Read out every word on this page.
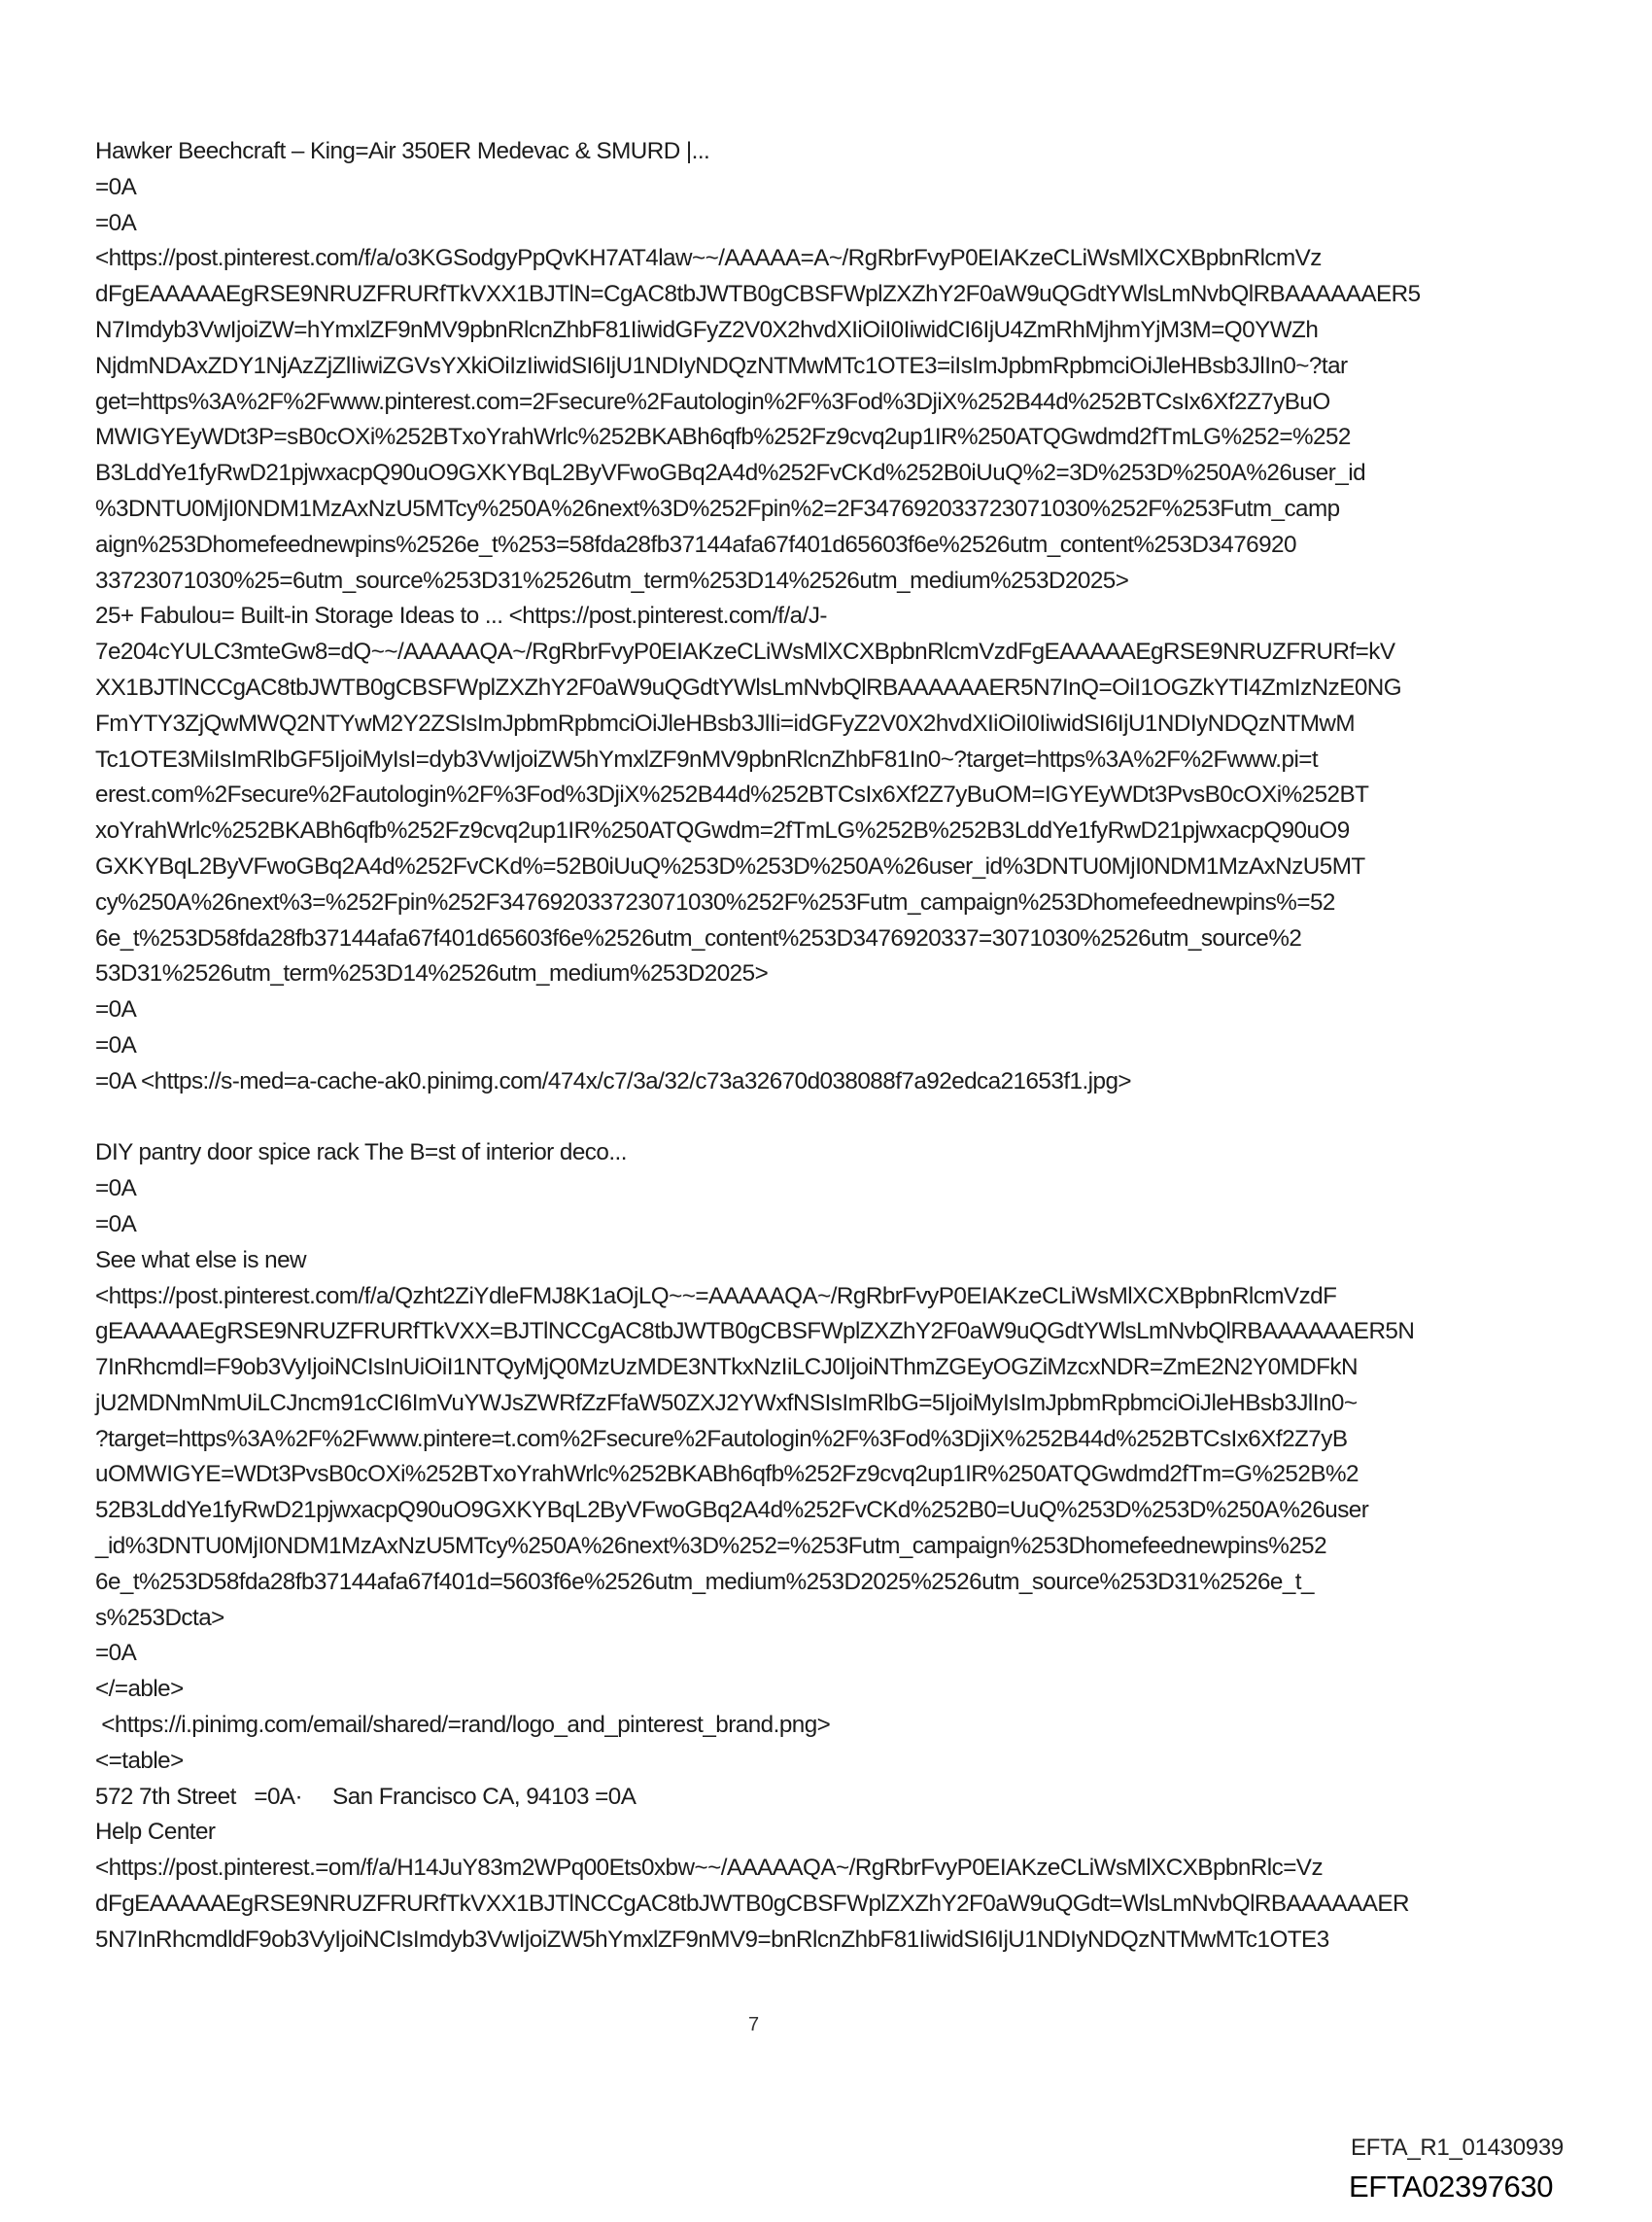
Hawker Beechcraft – King=Air 350ER Medevac & SMURD |...
=0A
=0A
<https://post.pinterest.com/f/a/o3KGSodgyPpQvKH7AT4law~~/AAAAA=A~/RgRbrFvyP0EIAKzeCLiWsMlXCXBpbnRlcmVz
dFgEAAAAAEgRSE9NRUZFRURfTkVXX1BJTlN=CgAC8tbJWTB0gCBSFWplZXZhY2F0aW9uQGdtYWlsLmNvbQlRBAAAAAAER5
N7Imdyb3VwIjoiZW=hYmxlZF9nMV9pbnRlcnZhbF81IiwidGFyZ2V0X2hvdXIiOiI0IiwidCI6IjU4ZmRhMjhmYjM3M=Q0YWZh
NjdmNDAxZDY1NjAzZjZlIiwiZGVsYXkiOiIzIiwidSI6IjU1NDIyNDQzNTMwMTc1OTE3=iIsImJpbmRpbmciOiJleHBsb3JlIn0~?tar
get=https%3A%2F%2Fwww.pinterest.com=2Fsecure%2Fautologin%2F%3Fod%3DjiX%252B44d%252BTCsIx6Xf2Z7yBuO
MWIGYEyWDt3P=sB0cOXi%252BTxoYrahWrlc%252BKABh6qfb%252Fz9cvq2up1IR%250ATQGwdmd2fTmLG%252=%252
B3LddYe1fyRwD21pjwxacpQ90uO9GXKYBqL2ByVFwoGBq2A4d%252FvCKd%252B0iUuQ%2=3D%253D%250A%26user_id
%3DNTU0MjI0NDM1MzAxNzU5MTcy%250A%26next%3D%252Fpin%2=2F347692033723071030%252F%253Futm_camp
aign%253Dhomefeednewpins%2526e_t%253=58fda28fb37144afa67f401d65603f6e%2526utm_content%253D3476920
33723071030%25=6utm_source%253D31%2526utm_term%253D14%2526utm_medium%253D2025>
25+ Fabulou= Built-in Storage Ideas to ... <https://post.pinterest.com/f/a/J-
7e204cYULC3mteGw8=dQ~~/AAAAAQA~/RgRbrFvyP0EIAKzeCLiWsMlXCXBpbnRlcmVzdFgEAAAAAEgRSE9NRUZFRURf=kV
XX1BJTlNCCgAC8tbJWTB0gCBSFWplZXZhY2F0aW9uQGdtYWlsLmNvbQlRBAAAAAAER5N7InQ=OiI1OGZkYTI4ZmIzNzE0NG
FmYTY3ZjQwMWQ2NTYwM2Y2ZSIsImJpbmRpbmciOiJleHBsb3JlIi=idGFyZ2V0X2hvdXIiOiI0IiwidSI6IjU1NDIyNDQzNTMwM
Tc1OTE3MiIsImRlbGF5IjoiMyIsI=dyb3VwIjoiZW5hYmxlZF9nMV9pbnRlcnZhbF81In0~?target=https%3A%2F%2Fwww.pi=t
erest.com%2Fsecure%2Fautologin%2F%3Fod%3DjiX%252B44d%252BTCsIx6Xf2Z7yBuOM=IGYEyWDt3PvsB0cOXi%252BT
xoYrahWrlc%252BKABh6qfb%252Fz9cvq2up1IR%250ATQGwdm=2fTmLG%252B%252B3LddYe1fyRwD21pjwxacpQ90uO9
GXKYBqL2ByVFwoGBq2A4d%252FvCKd%=52B0iUuQ%253D%253D%250A%26user_id%3DNTU0MjI0NDM1MzAxNzU5MT
cy%250A%26next%3=%252Fpin%252F347692033723071030%252F%253Futm_campaign%253Dhomefeednewpins%=52
6e_t%253D58fda28fb37144afa67f401d65603f6e%2526utm_content%253D3476920337=3071030%2526utm_source%2
53D31%2526utm_term%253D14%2526utm_medium%253D2025>
=0A
=0A
=0A <https://s-med=a-cache-ak0.pinimg.com/474x/c7/3a/32/c73a32670d038088f7a92edca21653f1.jpg>
DIY pantry door spice rack The B=st of interior deco...
=0A
=0A
See what else is new
<https://post.pinterest.com/f/a/Qzht2ZiYdleFMJ8K1aOjLQ~~=AAAAAQA~/RgRbrFvyP0EIAKzeCLiWsMlXCXBpbnRlcmVzdF
gEAAAAAEgRSE9NRUZFRURfTkVXX=BJTlNCCgAC8tbJWTB0gCBSFWplZXZhY2F0aW9uQGdtYWlsLmNvbQlRBAAAAAAER5N
7InRhcmdl=F9ob3VyIjoiNCIsInUiOiI1NTQyMjQ0MzUzMDE3NTkxNzIiLCJ0IjoiNThmZGEyOGZiMzcxNDR=ZmE2N2Y0MDFkN
jU2MDNmNmUiLCJncm91cCI6ImVuYWJsZWRfZzFfaW50ZXJ2YWxfNSIsImRlbG=5IjoiMyIsImJpbmRpbmciOiJleHBsb3JlIn0~
?target=https%3A%2F%2Fwww.pintere=t.com%2Fsecure%2Fautologin%2F%3Fod%3DjiX%252B44d%252BTCsIx6Xf2Z7yB
uOMWIGYE=WDt3PvsB0cOXi%252BTxoYrahWrlc%252BKABh6qfb%252Fz9cvq2up1IR%250ATQGwdmd2fTm=G%252B%2
52B3LddYe1fyRwD21pjwxacpQ90uO9GXKYBqL2ByVFwoGBq2A4d%252FvCKd%252B0=UuQ%253D%253D%250A%26user
_id%3DNTU0MjI0NDM1MzAxNzU5MTcy%250A%26next%3D%252=%253Futm_campaign%253Dhomefeednewpins%252
6e_t%253D58fda28fb37144afa67f401d=5603f6e%2526utm_medium%253D2025%2526utm_source%253D31%2526e_t_
s%253Dcta>
=0A
</=able>
<https://i.pinimg.com/email/shared/=rand/logo_and_pinterest_brand.png>
<=table>
572 7th Street   =0A·     San Francisco CA, 94103 =0A
Help Center
<https://post.pinterest.=om/f/a/H14JuY83m2WPq00Ets0xbw~~/AAAAAQA~/RgRbrFvyP0EIAKzeCLiWsMlXCXBpbnRlc=Vz
dFgEAAAAAEgRSE9NRUZFRURfTkVXX1BJTlNCCgAC8tbJWTB0gCBSFWplZXZhY2F0aW9uQGdt=WlsLmNvbQlRBAAAAAAER
5N7InRhcmdldF9ob3VyIjoiNCIsImdyb3VwIjoiZW5hYmxlZF9nMV9=bnRlcnZhbF81IiwidSI6IjU1NDIyNDQzNTMwMTc1OTE3
7
EFTA_R1_01430939
EFTA02397630
